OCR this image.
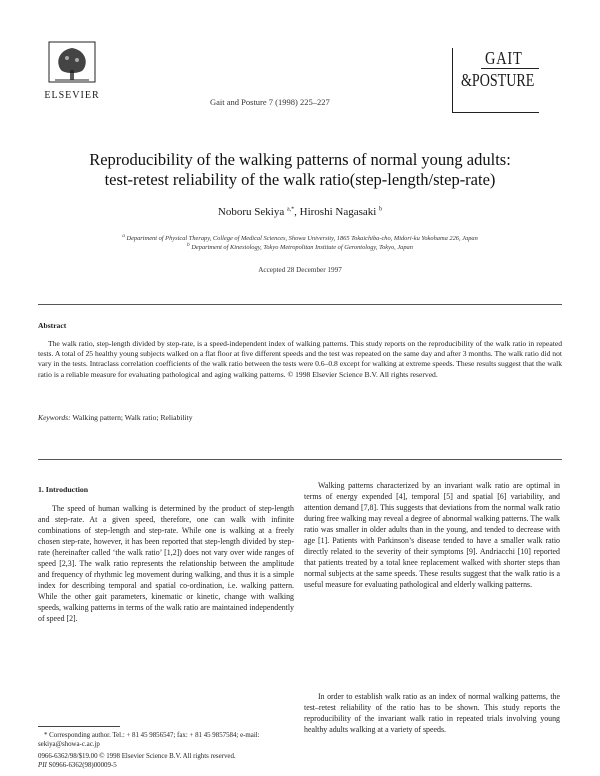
ELSEVIER
Gait and Posture 7 (1998) 225–227
GAIT
&POSTURE
Reproducibility of the walking patterns of normal young adults:
test-retest reliability of the walk ratio(step-length/step-rate)
Noboru Sekiya $^{a,*}$, Hiroshi Nagasaki $^b$
$^a$ Department of Physical Therapy, College of Medical Sciences, Showa University, 1865 Tokaichiba-cho, Midori-ku Yokohama 226, Japan
$^b$ Department of Kinesiology, Tokyo Metropolitan Institute of Gerontology, Tokyo, Japan
Accepted 28 December 1997
Abstract
The walk ratio, step-length divided by step-rate, is a speed-independent index of walking patterns. This study reports on the reproducibility of the walk ratio in repeated tests. A total of 25 healthy young subjects walked on a flat floor at five different speeds and the test was repeated on the same day and after 3 months. The walk ratio did not vary in the tests. Intraclass correlation coefficients of the walk ratio between the tests were 0.6–0.8 except for walking at extreme speeds. These results suggest that the walk ratio is a reliable measure for evaluating pathological and aging walking patterns. © 1998 Elsevier Science B.V. All rights reserved.
Keywords: Walking pattern; Walk ratio; Reliability
1. Introduction
The speed of human walking is determined by the product of step-length and step-rate. At a given speed, therefore, one can walk with infinite combinations of step-length and step-rate. While one is walking at a freely chosen step-rate, however, it has been reported that step-length divided by step-rate (hereinafter called ‘the walk ratio’ [1,2]) does not vary over wide ranges of speed [2,3]. The walk ratio represents the relationship between the amplitude and frequency of rhythmic leg movement during walking, and thus it is a simple index for describing temporal and spatial co-ordination, i.e. walking pattern. While the other gait parameters, kinematic or kinetic, change with walking speeds, walking patterns in terms of the walk ratio are maintained independently of speed [2].
Walking patterns characterized by an invariant walk ratio are optimal in terms of energy expended [4], temporal [5] and spatial [6] variability, and attention demand [7,8]. This suggests that deviations from the normal walk ratio during free walking may reveal a degree of abnormal walking patterns. The walk ratio was smaller in older adults than in the young, and tended to decrease with age [1]. Patients with Parkinson’s disease tended to have a smaller walk ratio directly related to the severity of their symptoms [9]. Andriacchi [10] reported that patients treated by a total knee replacement walked with shorter steps than normal subjects at the same speeds. These results suggest that the walk ratio is a useful measure for evaluating pathological and elderly walking patterns.
In order to establish walk ratio as an index of normal walking patterns, the test–retest reliability of the ratio has to be shown. This study reports the reproducibility of the invariant walk ratio in repeated trials involving young healthy adults walking at a variety of speeds.
* Corresponding author. Tel.: + 81 45 9856547; fax: + 81 45 9857584; e-mail: sekiya@showa-c.ac.jp
0966-6362/98/$19.00 © 1998 Elsevier Science B.V. All rights reserved.
PII S0966-6362(98)00009-5
